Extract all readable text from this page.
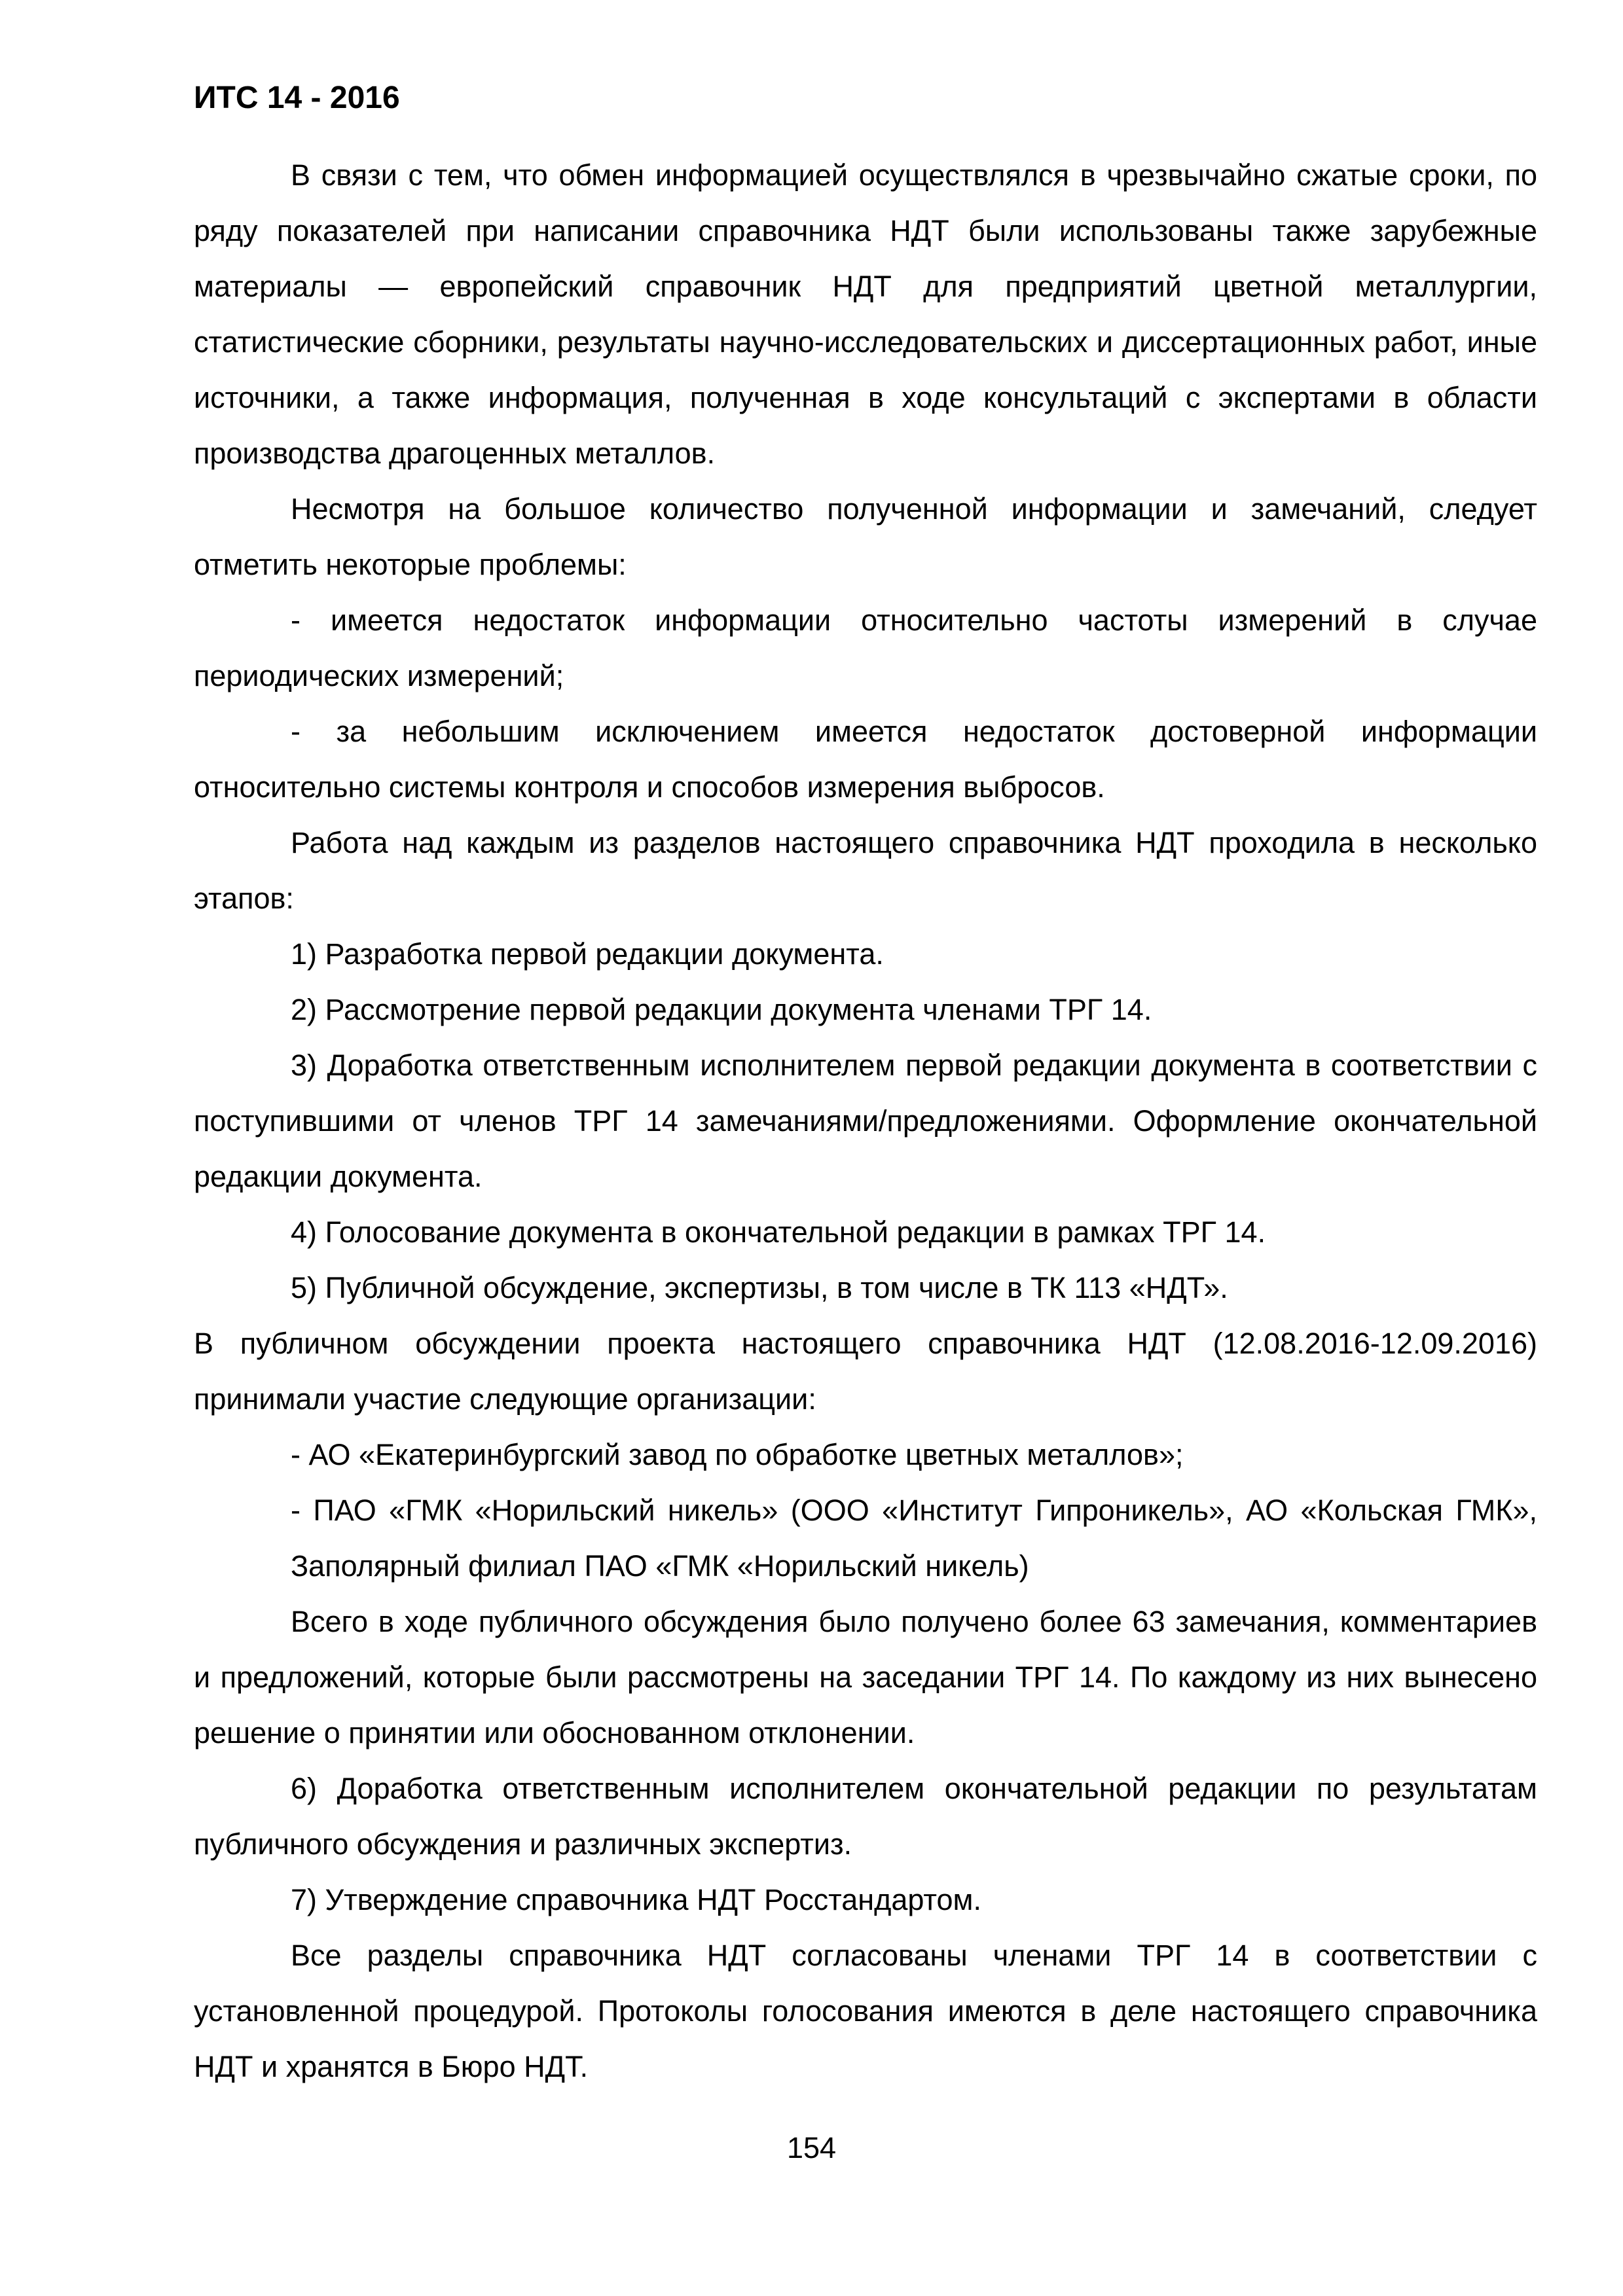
ИТС 14 - 2016

В связи с тем, что обмен информацией осуществлялся в чрезвычайно сжатые сроки, по ряду показателей при написании справочника НДТ были использованы также зарубежные материалы — европейский справочник НДТ для предприятий цветной металлургии, статистические сборники, результаты научно-исследовательских и диссертационных работ, иные источники, а также информация, полученная в ходе консультаций с экспертами в области производства драгоценных металлов.

Несмотря на большое количество полученной информации и замечаний, следует отметить некоторые проблемы:

- имеется недостаток информации относительно частоты измерений в случае периодических измерений;

- за небольшим исключением имеется недостаток достоверной информации относительно системы контроля и способов измерения выбросов.

Работа над каждым из разделов настоящего справочника НДТ проходила в несколько этапов:

1) Разработка первой редакции документа.

2) Рассмотрение первой редакции документа членами ТРГ 14.

3) Доработка ответственным исполнителем первой редакции документа в соответствии с поступившими от членов ТРГ 14 замечаниями/предложениями. Оформление окончательной редакции документа.

4) Голосование документа в окончательной редакции в рамках ТРГ 14.

5) Публичной обсуждение, экспертизы, в том числе в ТК 113 «НДТ».

В публичном обсуждении проекта настоящего справочника НДТ (12.08.2016-12.09.2016) принимали участие следующие организации:

- АО «Екатеринбургский завод по обработке цветных металлов»;

- ПАО «ГМК «Норильский никель» (ООО «Институт Гипроникель», АО «Кольская ГМК», Заполярный филиал ПАО «ГМК «Норильский никель)

Всего в ходе публичного обсуждения было получено более 63 замечания, комментариев и предложений, которые были рассмотрены на заседании ТРГ 14. По каждому из них вынесено решение о принятии или обоснованном отклонении.

6) Доработка ответственным исполнителем окончательной редакции по результатам публичного обсуждения и различных экспертиз.

7) Утверждение справочника НДТ Росстандартом.

Все разделы справочника НДТ согласованы членами ТРГ 14 в соответствии с установленной процедурой. Протоколы голосования имеются в деле настоящего справочника НДТ и хранятся в Бюро НДТ.

154
